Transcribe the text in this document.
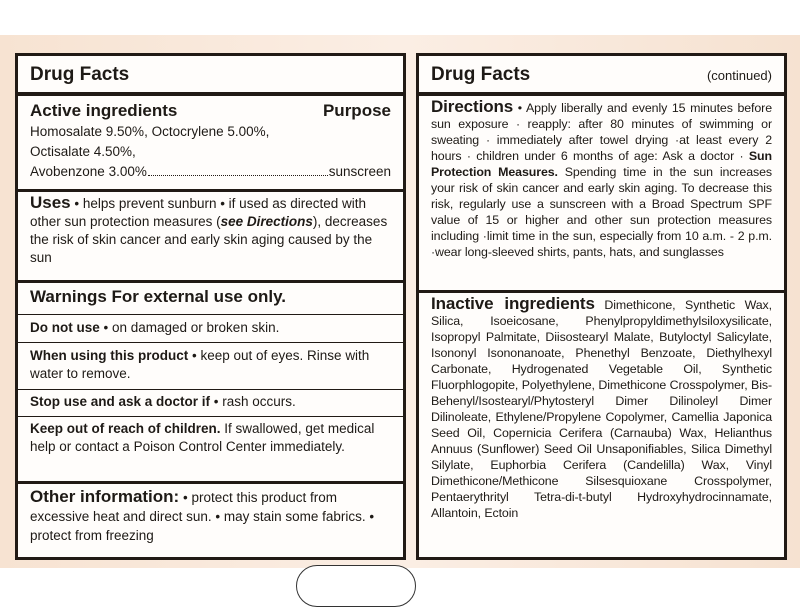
Drug Facts
Active ingredients	Purpose
Homosalate 9.50%, Octocrylene 5.00%,
Octisalate 4.50%,
Avobenzone 3.00%	sunscreen
Uses • helps prevent sunburn • if used as directed with other sun protection measures (see Directions), decreases the risk of skin cancer and early skin aging caused by the sun
Warnings For external use only.
Do not use • on damaged or broken skin.
When using this product • keep out of eyes. Rinse with water to remove.
Stop use and ask a doctor if • rash occurs.
Keep out of reach of children. If swallowed, get medical help or contact a Poison Control Center immediately.
Other information: • protect this product from excessive heat and direct sun. • may stain some fabrics. • protect from freezing
Drug Facts	(continued)
Directions • Apply liberally and evenly 15 minutes before sun exposure · reapply: after 80 minutes of swimming or sweating · immediately after towel drying ·at least every 2 hours · children under 6 months of age: Ask a doctor · Sun Protection Measures. Spending time in the sun increases your risk of skin cancer and early skin aging. To decrease this risk, regularly use a sunscreen with a Broad Spectrum SPF value of 15 or higher and other sun protection measures including ·limit time in the sun, especially from 10 a.m. - 2 p.m. ·wear long-sleeved shirts, pants, hats, and sunglasses
Inactive ingredients Dimethicone, Synthetic Wax, Silica, Isoeicosane, Phenylpropyldimethylsiloxysilicate, Isopropyl Palmitate, Diisostearyl Malate, Butyloctyl Salicylate, Isononyl Isononanoate, Phenethyl Benzoate, Diethylhexyl Carbonate, Hydrogenated Vegetable Oil, Synthetic Fluorphlogopite, Polyethylene, Dimethicone Crosspolymer, Bis-Behenyl/Isostearyl/Phytosteryl Dimer Dilinoleyl Dimer Dilinoleate, Ethylene/Propylene Copolymer, Camellia Japonica Seed Oil, Copernicia Cerifera (Carnauba) Wax, Helianthus Annuus (Sunflower) Seed Oil Unsaponifiables, Silica Dimethyl Silylate, Euphorbia Cerifera (Candelilla) Wax, Vinyl Dimethicone/Methicone Silsesquioxane Crosspolymer, Pentaerythrityl Tetra-di-t-butyl Hydroxyhydrocinnamate, Allantoin, Ectoin
